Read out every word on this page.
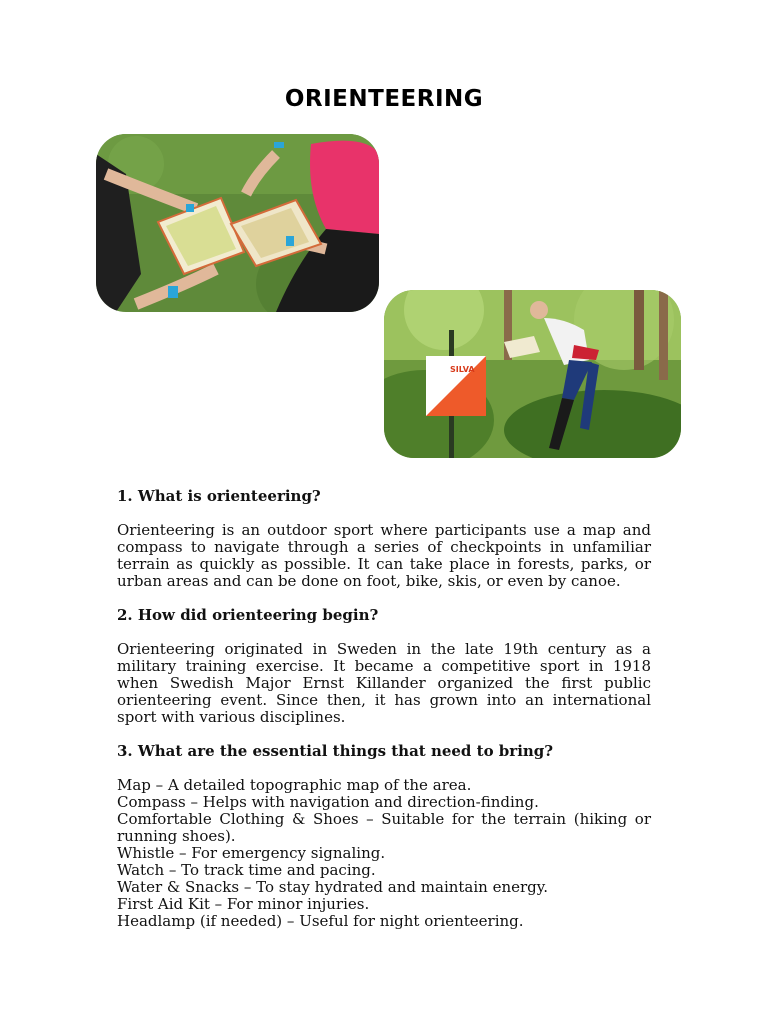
ORIENTEERING
SILVA

1. What is orienteering?

Orienteering is an outdoor sport where participants use a map and compass to navigate through a series of checkpoints in unfamiliar terrain as quickly as possible. It can take place in forests, parks, or urban areas and can be done on foot, bike, skis, or even by canoe.

2. How did orienteering begin?

Orienteering originated in Sweden in the late 19th century as a military training exercise. It became a competitive sport in 1918 when Swedish Major Ernst Killander organized the first public orienteering event. Since then, it has grown into an international sport with various disciplines.

3. What are the essential things that need to bring?

Map – A detailed topographic map of the area.
Compass – Helps with navigation and direction-finding.
Comfortable Clothing & Shoes – Suitable for the terrain (hiking or running shoes).
Whistle – For emergency signaling.
Watch – To track time and pacing.
Water & Snacks – To stay hydrated and maintain energy.
First Aid Kit – For minor injuries.
Headlamp (if needed) – Useful for night orienteering.
